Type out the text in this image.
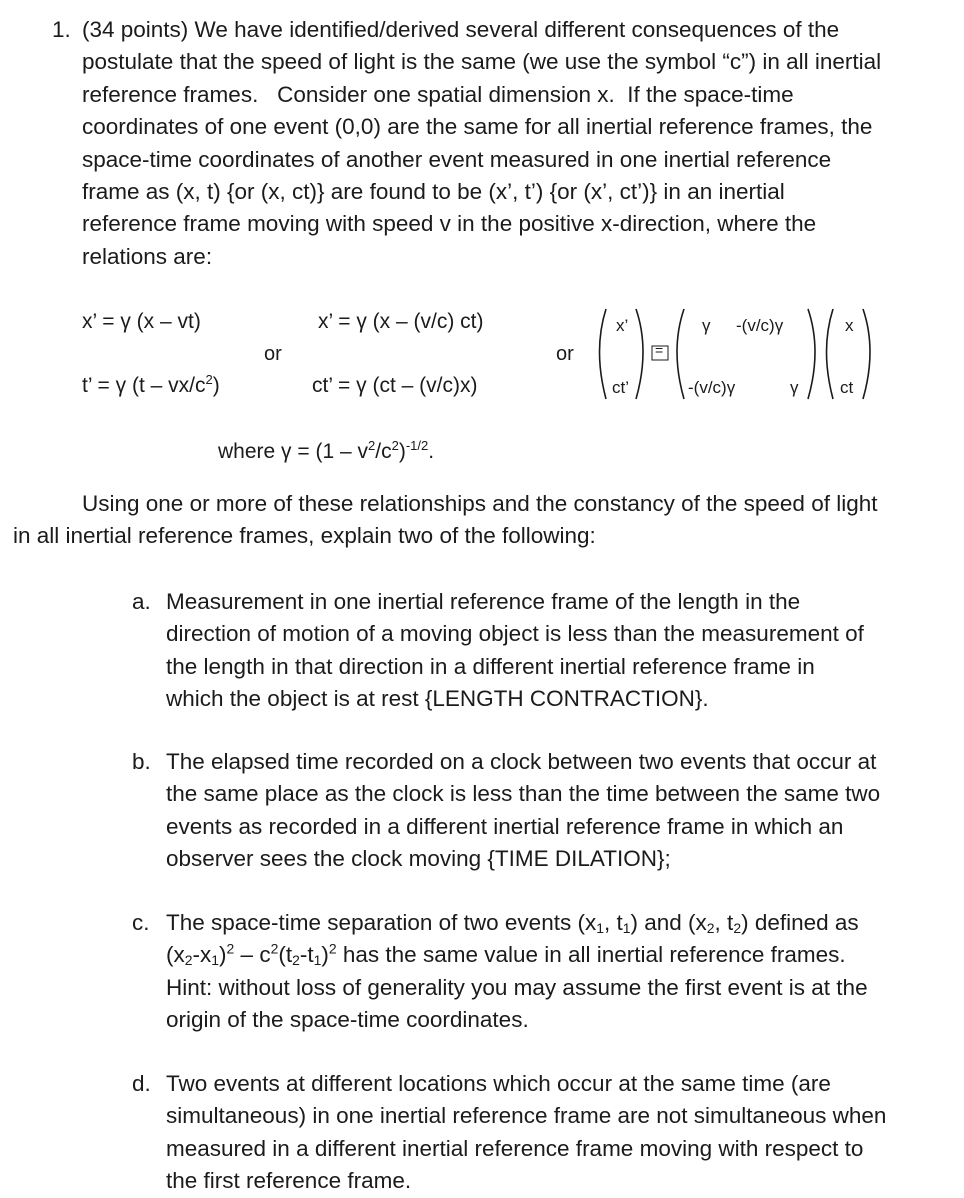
1. (34 points) We have identified/derived several different consequences of the
postulate that the speed of light is the same (we use the symbol “c”) in all inertial
reference frames.   Consider one spatial dimension x.  If the space-time
coordinates of one event (0,0) are the same for all inertial reference frames, the
space-time coordinates of another event measured in one inertial reference
frame as (x, t) {or (x, ct)} are found to be (x’, t’) {or (x’, ct’)} in an inertial
reference frame moving with speed v in the positive x-direction, where the
relations are:
x’ = γ (x – vt)
t’ = γ $(t - vx/c^2)$
or
x’ = γ (x – (v/c) ct)
ct’ = γ (ct – (v/c)x)
or
x’
ct’
=
γ -(v/c)γ
-(v/c)γ	γ
x
ct
where $\gamma = (1 - v^2/c^2)^{-1/2}$.
Using one or more of these relationships and the constancy of the speed of light
in all inertial reference frames, explain two of the following:
a. Measurement in one inertial reference frame of the length in the
direction of motion of a moving object is less than the measurement of
the length in that direction in a different inertial reference frame in
which the object is at rest {LENGTH CONTRACTION}.
b. The elapsed time recorded on a clock between two events that occur at
the same place as the clock is less than the time between the same two
events as recorded in a different inertial reference frame in which an
observer sees the clock moving {TIME DILATION};
c. The space-time separation of two events ($x_1$, $t_1$) and ($x_2$, $t_2$) defined as
$(x_2-x_1)^2 - c^2(t_2-t_1)^2$ has the same value in all inertial reference frames.
Hint: without loss of generality you may assume the first event is at the
origin of the space-time coordinates.
d. Two events at different locations which occur at the same time (are
simultaneous) in one inertial reference frame are not simultaneous when
measured in a different inertial reference frame moving with respect to
the first reference frame.
